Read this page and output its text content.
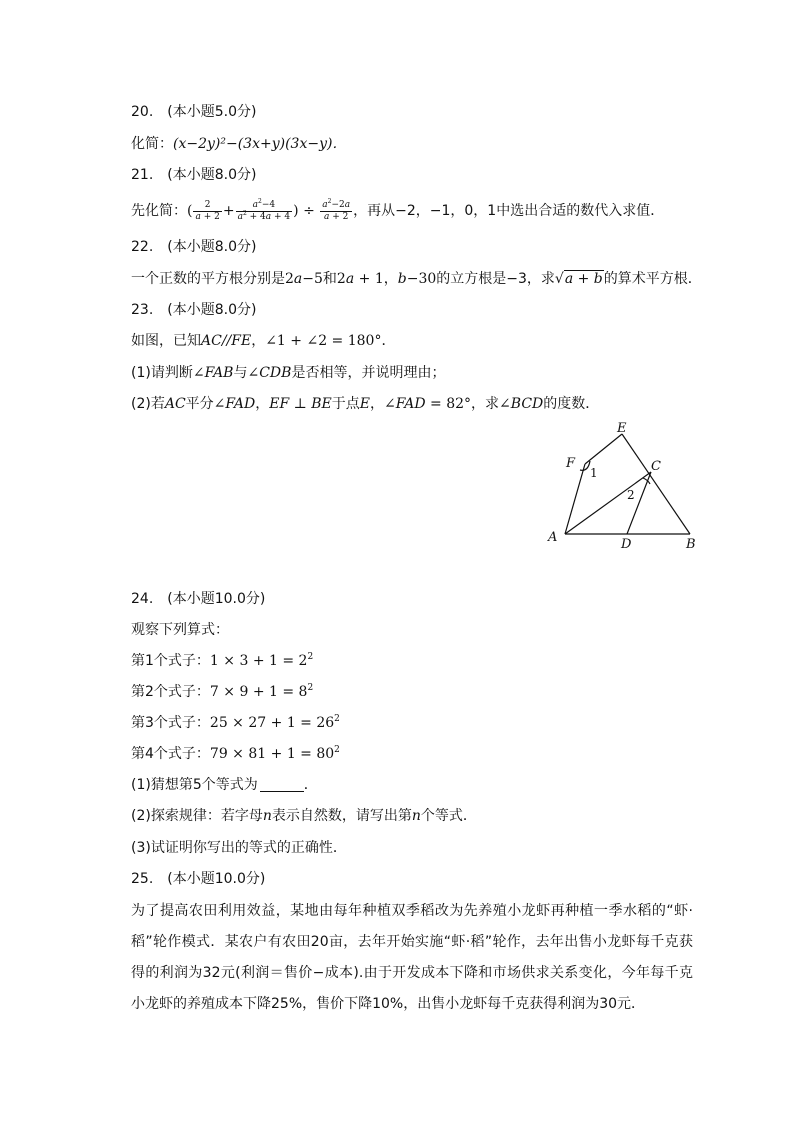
20.　(本小题5.0分)
化简：(x−2y)²−(3x+y)(3x−y)．
21.　(本小题8.0分)
先化简：( $\frac{2}{a + 2} + \frac{a^2-4}{a^2 + 4a + 4}$ ) ÷ $\frac{a^2-2a}{a + 2}$ ，再从−2，−1，0，1中选出合适的数代入求值．
22.　(本小题8.0分)
一个正数的平方根分别是2a−5和2a + 1，b−30的立方根是−3，求√a + b的算术平方根．
23.　(本小题8.0分)
如图，已知AC//FE，∠1 + ∠2 = 180°．
(1)请判断∠FAB与∠CDB是否相等，并说明理由；
(2)若AC平分∠FAD，EF ⊥ BE于点E，∠FAD = 82°，求∠BCD的度数．
E
F	C
A	D	B
1
2
24.　(本小题10.0分)
观察下列算式：
第1个式子：$1 \times 3 + 1 = 2^2$
第2个式子：$7 \times 9 + 1 = 8^2$
第3个式子：$25 \times 27 + 1 = 26^2$
第4个式子：$79 \times 81 + 1 = 80^2$
(1)猜想第5个等式为	．
(2)探索规律：若字母n表示自然数，请写出第n个等式．
(3)试证明你写出的等式的正确性．
25.　(本小题10.0分)
为了提高农田利用效益，某地由每年种植双季稻改为先养殖小龙虾再种植一季水稻的“虾·稻”轮作模式．某农户有农田20亩，去年开始实施“虾·稻”轮作，去年出售小龙虾每千克获得的利润为32元(利润＝售价−成本).由于开发成本下降和市场供求关系变化，今年每千克小龙虾的养殖成本下降25%，售价下降10%，出售小龙虾每千克获得利润为30元．
